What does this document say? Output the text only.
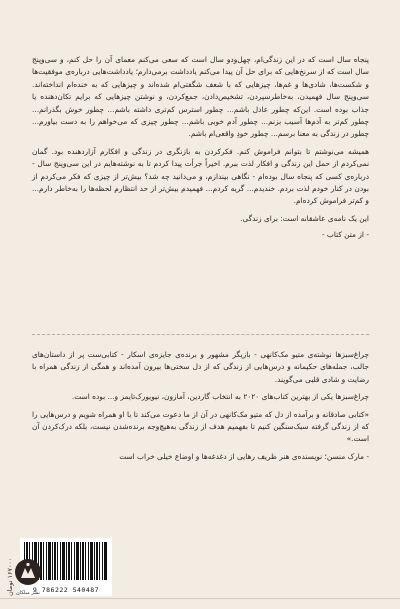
پنجاه سال است که در این زندگی‌ام، چهل‌ودو سال است که سعی می‌کنم معمای آن را حل کنم، و سی‌وپنج سال است که از سرنخ‌هایی که برای حل آن پیدا می‌کنم یادداشت برمی‌دارم؛ یادداشت‌هایی درباره‌ی موفقیت‌ها و شکست‌ها، شادی‌ها و غم‌ها، چیزهایی که با شعف شگفتی‌ام شده‌اند و چیزهایی که به خنده‌ام انداخته‌اند. سی‌وپنج سال فهمیدن، به‌خاطرسپردن، تشخیص‌دادن، جمع‌کردن، و نوشتن چیزهایی که برایم تکان‌دهنده یا جذاب بوده است. این‌که چطور عادل باشم... چطور استرس کم‌تری داشته باشم... چطور خوش بگذرانم... چطور کم‌تر به آدم‌ها آسیب بزنم... چطور آدم خوبی باشم... چطور چیزی که می‌خواهم را به دست بیاورم... چطور در زندگی به معنا برسم... چطور خودِ واقعی‌ام باشم.

همیشه می‌نوشتم تا بتوانم فراموش کنم. فکرکردن به بازنگری در زندگی و افکارم آزاردهنده بود. گمان نمی‌کردم از حمل این زندگی و افکار لذت ببرم. اخیراً جرأت پیدا کردم تا به نوشته‌هایم در این سی‌وپنج سال - درباره‌ی کسی که پنجاه سال بوده‌ام - نگاهی بیندازم، و می‌دانید چه شد؟ بیش‌تر از چیزی که فکر می‌کردم از بودن در کنار خودم لذت بردم. خندیدم... گریه کردم... فهمیدم بیش‌تر از حد انتظارم لحظه‌ها را به‌خاطر دارم... و کم‌تر فراموش کرده‌ام.

این یک نامه‌ی عاشقانه است: برای زندگی.

- از متن کتاب -

چراغ‌سبزها نوشته‌ی متیو مک‌کانهی - بازیگر مشهور و برنده‌ی جایزه‌ی اسکار - کتابی‌ست پر از داستان‌های جالب، جمله‌های حکیمانه و درس‌هایی از زندگی که از دل سختی‌ها بیرون آمده‌اند و همگی از زندگی همراه با رضایت و شادی قلبی می‌گویند.

چراغ‌سبزها یکی از بهترین کتاب‌های ۲۰۲۰ به انتخاب گاردین، آمازون، نیویورک‌تایمز و... بوده است.

«کتابی صادقانه و برآمده از دل که متیو مک‌کانهی در آن از ما دعوت می‌کند تا با او همراه شویم و درس‌هایی را که از زندگی گرفته سبک‌سنگین کنیم تا بفهمیم هدف از زندگی به‌هیچ‌وجه برنده‌شدن نیست، بلکه درک‌کردن آن است.»

- مارک منسن؛ نویسنده‌ی هنر ظریف رهایی از دغدغه‌ها و اوضاع خیلی خراب است

۱۶۷۰۰۰ تومان
9 786222 540487
نشر میلکان
